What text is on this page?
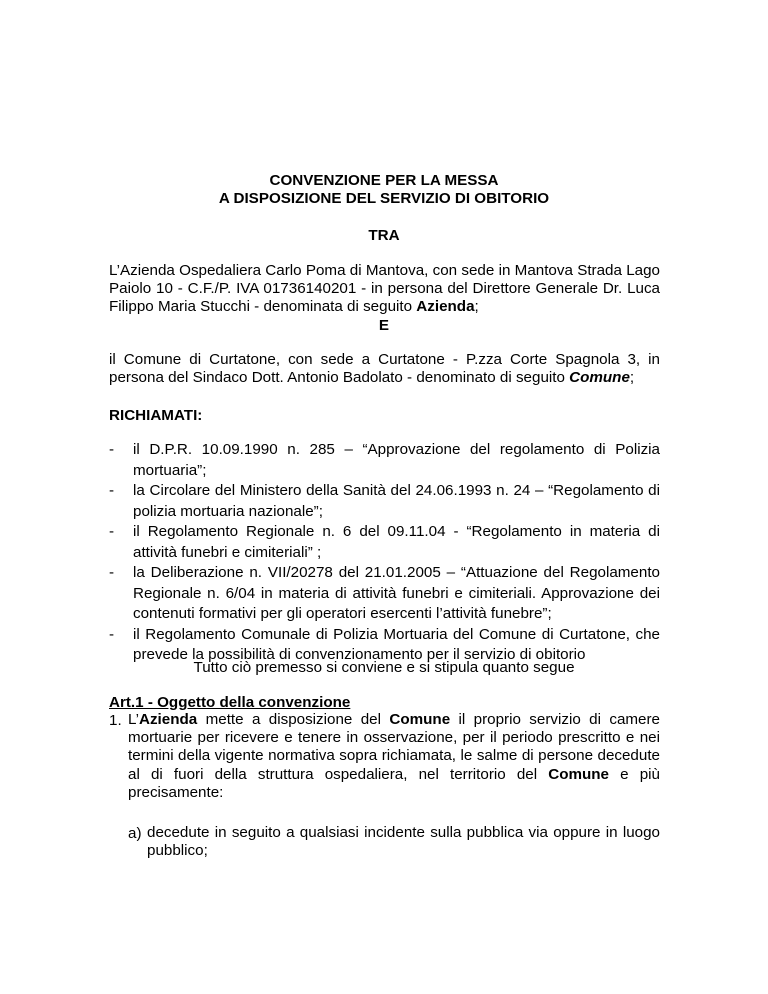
CONVENZIONE PER LA MESSA

A DISPOSIZIONE DEL SERVIZIO DI OBITORIO

TRA

L’Azienda Ospedaliera Carlo Poma di Mantova, con sede in Mantova Strada Lago Paiolo 10 - C.F./P. IVA 01736140201 - in persona del Direttore Generale Dr. Luca Filippo Maria Stucchi - denominata di seguito Azienda;

E

il Comune di Curtatone, con sede a Curtatone - P.zza Corte Spagnola 3, in persona del Sindaco Dott. Antonio Badolato - denominato di seguito Comune;

RICHIAMATI:

- il D.P.R. 10.09.1990 n. 285 – “Approvazione del regolamento di Polizia mortuaria”;
- la Circolare del Ministero della Sanità del 24.06.1993 n. 24 – “Regolamento di polizia mortuaria nazionale”;
- il Regolamento Regionale n. 6 del 09.11.04 - “Regolamento in materia di attività funebri e cimiteriali” ;
- la Deliberazione n. VII/20278 del 21.01.2005 – “Attuazione del Regolamento Regionale n. 6/04 in materia di attività funebri e cimiteriali. Approvazione dei contenuti formativi per gli operatori esercenti l’attività funebre”;
- il Regolamento Comunale di Polizia Mortuaria del Comune di Curtatone, che prevede la possibilità di convenzionamento per il servizio di obitorio

Tutto ciò premesso si conviene e si stipula quanto segue

Art.1 - Oggetto della convenzione

1. L’Azienda mette a disposizione del Comune il proprio servizio di camere mortuarie per ricevere e tenere in osservazione, per il periodo prescritto e nei termini della vigente normativa sopra richiamata, le salme di persone decedute al di fuori della struttura ospedaliera, nel territorio del Comune e più precisamente:
a) decedute in seguito a qualsiasi incidente sulla pubblica via oppure in luogo pubblico;
